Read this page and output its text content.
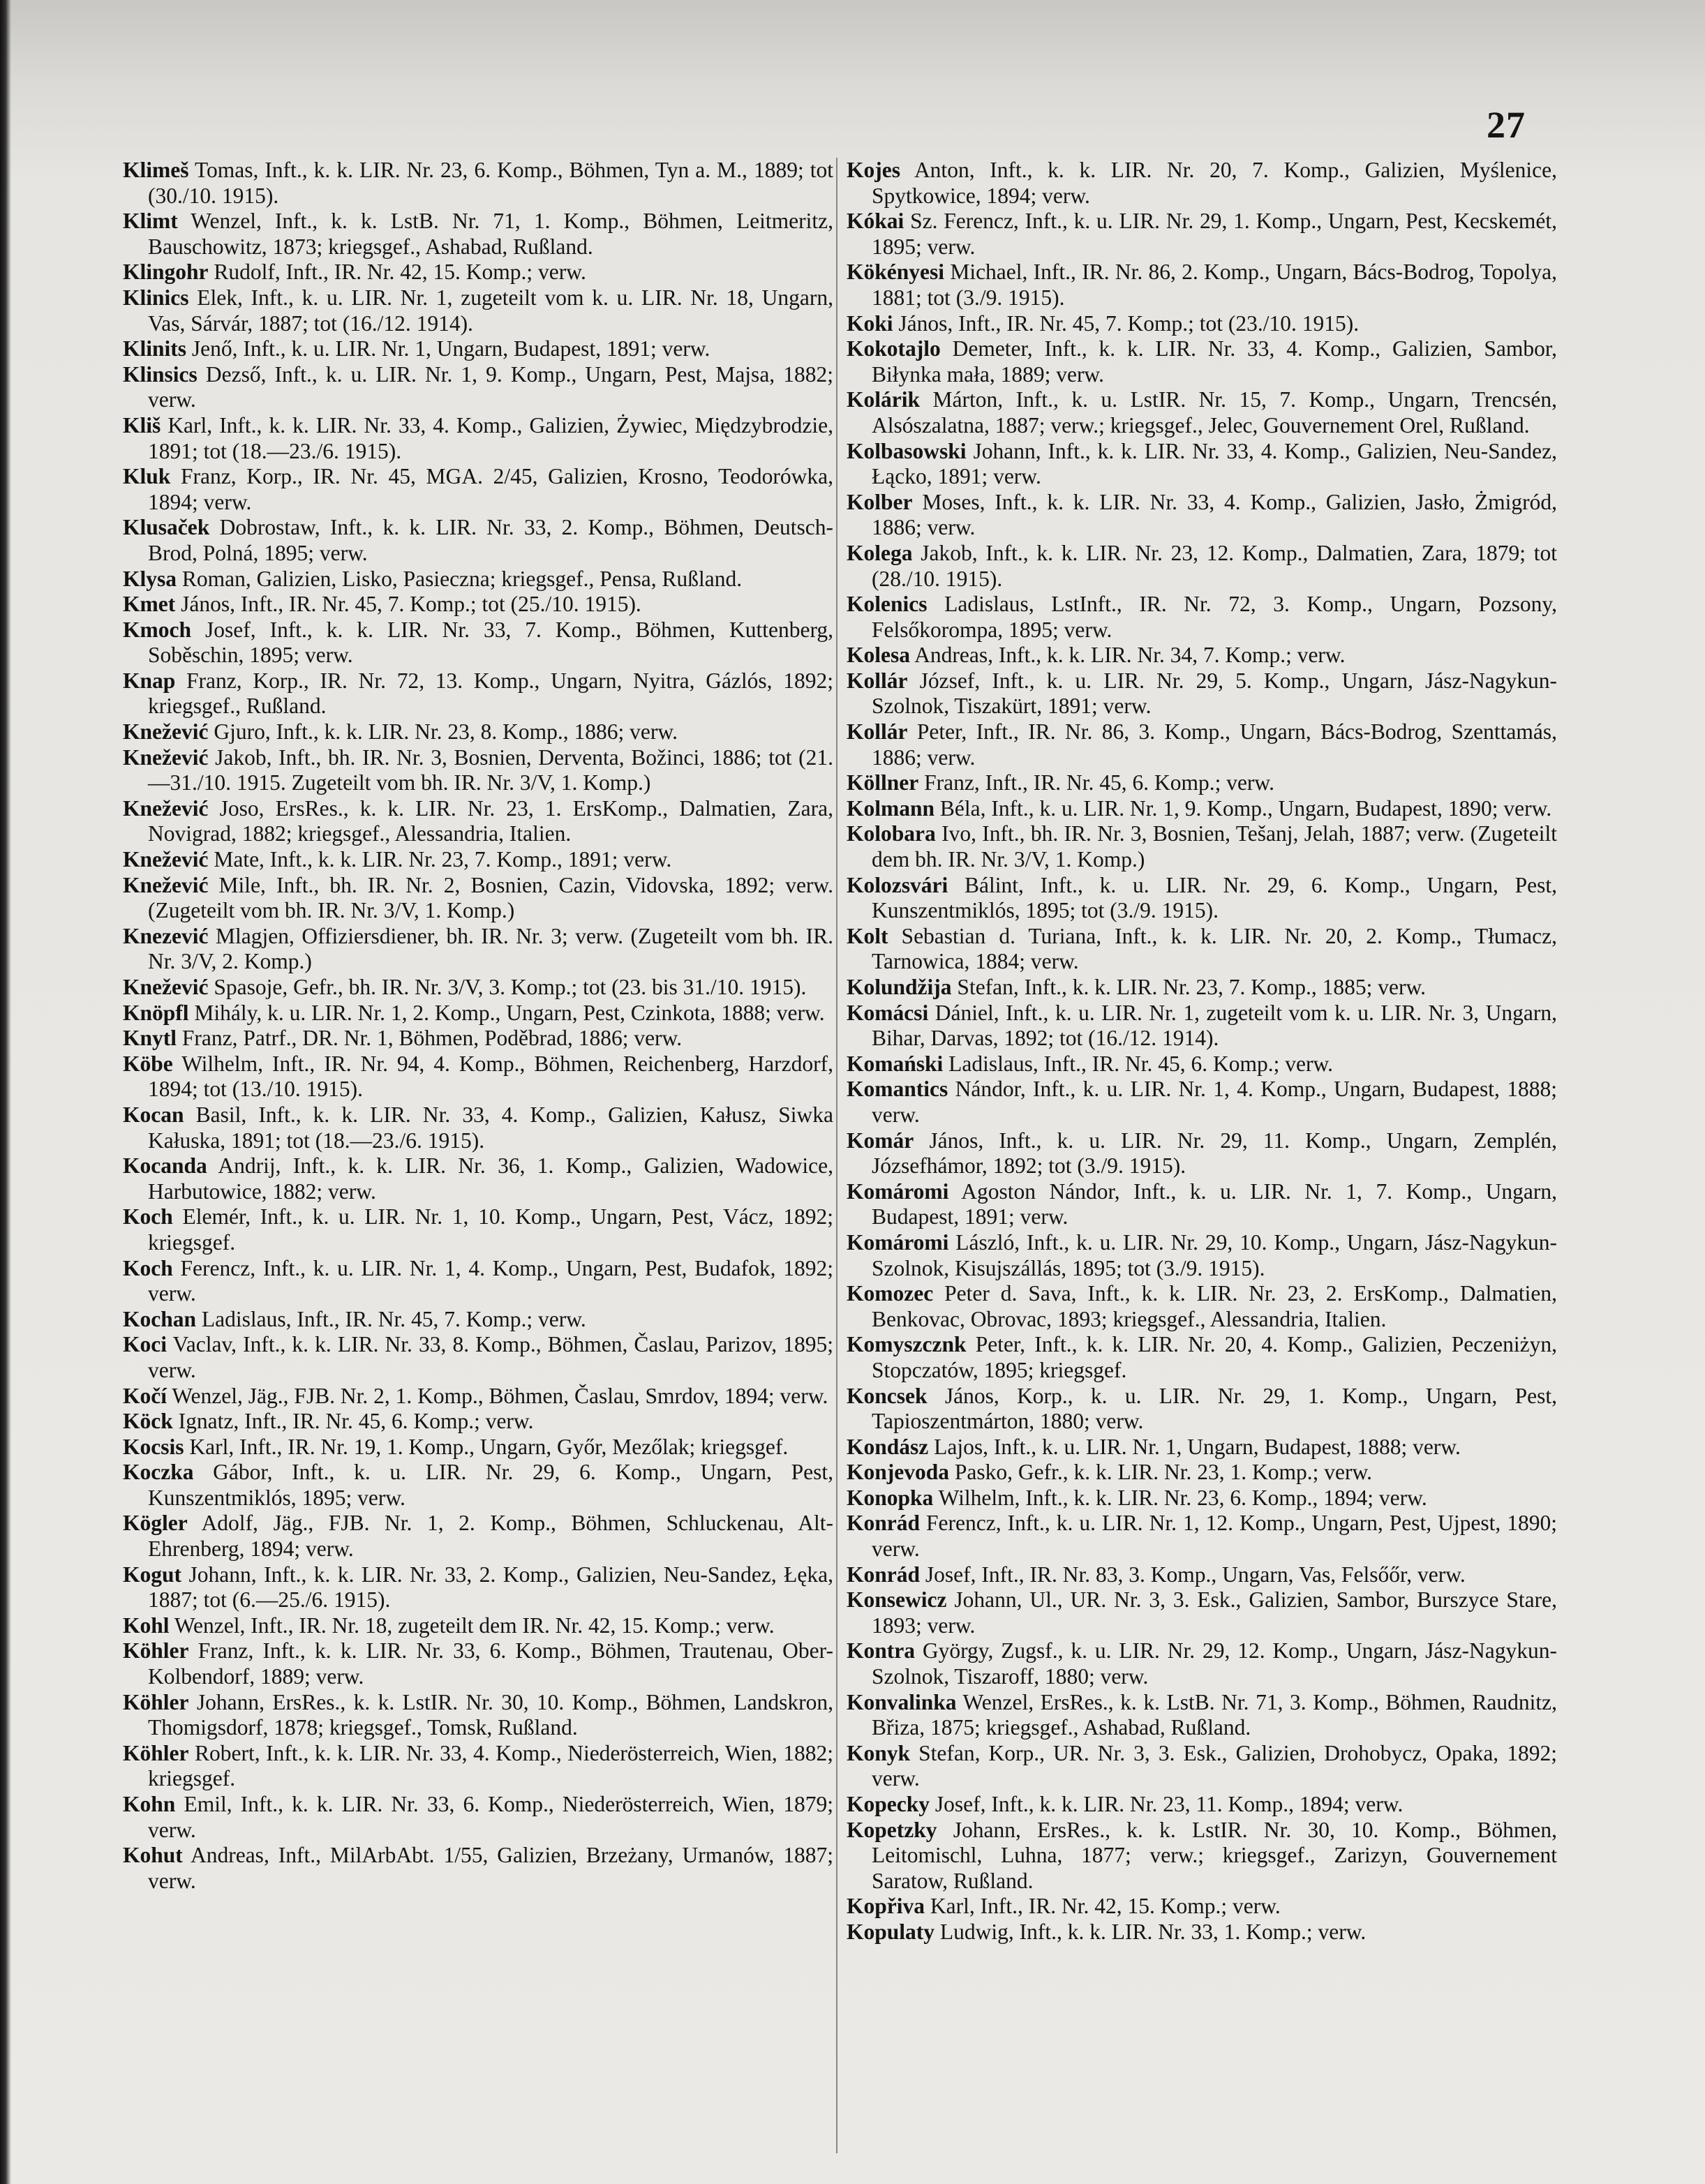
27

Klimeš Tomas, Inft., k. k. LIR. Nr. 23, 6. Komp., Böhmen, Tyn a. M., 1889; tot (30./10. 1915).

Klimt Wenzel, Inft., k. k. LstB. Nr. 71, 1. Komp., Böhmen, Leitmeritz, Bauschowitz, 1873; kriegsgef., Ashabad, Rußland.

Klingohr Rudolf, Inft., IR. Nr. 42, 15. Komp.; verw.

Klinics Elek, Inft., k. u. LIR. Nr. 1, zugeteilt vom k. u. LIR. Nr. 18, Ungarn, Vas, Sárvár, 1887; tot (16./12. 1914).

Klinits Jenő, Inft., k. u. LIR. Nr. 1, Ungarn, Budapest, 1891; verw.

Klinsics Dezső, Inft., k. u. LIR. Nr. 1, 9. Komp., Ungarn, Pest, Majsa, 1882; verw.

Kliš Karl, Inft., k. k. LIR. Nr. 33, 4. Komp., Galizien, Żywiec, Międzybrodzie, 1891; tot (18.—23./6. 1915).

Kluk Franz, Korp., IR. Nr. 45, MGA. 2/45, Galizien, Krosno, Teodorówka, 1894; verw.

Klusaček Dobrostaw, Inft., k. k. LIR. Nr. 33, 2. Komp., Böhmen, Deutsch-Brod, Polná, 1895; verw.

Klysa Roman, Galizien, Lisko, Pasieczna; kriegsgef., Pensa, Rußland.

Kmet János, Inft., IR. Nr. 45, 7. Komp.; tot (25./10. 1915).

Kmoch Josef, Inft., k. k. LIR. Nr. 33, 7. Komp., Böhmen, Kuttenberg, Soběschin, 1895; verw.

Knap Franz, Korp., IR. Nr. 72, 13. Komp., Ungarn, Nyitra, Gázlós, 1892; kriegsgef., Rußland.

Knežević Gjuro, Inft., k. k. LIR. Nr. 23, 8. Komp., 1886; verw.

Knežević Jakob, Inft., bh. IR. Nr. 3, Bosnien, Derventa, Božinci, 1886; tot (21.—31./10. 1915. Zugeteilt vom bh. IR. Nr. 3/V, 1. Komp.)

Knežević Joso, ErsRes., k. k. LIR. Nr. 23, 1. ErsKomp., Dalmatien, Zara, Novigrad, 1882; kriegsgef., Alessandria, Italien.

Knežević Mate, Inft., k. k. LIR. Nr. 23, 7. Komp., 1891; verw.

Knežević Mile, Inft., bh. IR. Nr. 2, Bosnien, Cazin, Vidovska, 1892; verw. (Zugeteilt vom bh. IR. Nr. 3/V, 1. Komp.)

Knezević Mlagjen, Offiziersdiener, bh. IR. Nr. 3; verw. (Zugeteilt vom bh. IR. Nr. 3/V, 2. Komp.)

Knežević Spasoje, Gefr., bh. IR. Nr. 3/V, 3. Komp.; tot (23. bis 31./10. 1915).

Knöpfl Mihály, k. u. LIR. Nr. 1, 2. Komp., Ungarn, Pest, Czinkota, 1888; verw.

Knytl Franz, Patrf., DR. Nr. 1, Böhmen, Poděbrad, 1886; verw.

Köbe Wilhelm, Inft., IR. Nr. 94, 4. Komp., Böhmen, Reichenberg, Harzdorf, 1894; tot (13./10. 1915).

Kocan Basil, Inft., k. k. LIR. Nr. 33, 4. Komp., Galizien, Kałusz, Siwka Kałuska, 1891; tot (18.—23./6. 1915).

Kocanda Andrij, Inft., k. k. LIR. Nr. 36, 1. Komp., Galizien, Wadowice, Harbutowice, 1882; verw.

Koch Elemér, Inft., k. u. LIR. Nr. 1, 10. Komp., Ungarn, Pest, Vácz, 1892; kriegsgef.

Koch Ferencz, Inft., k. u. LIR. Nr. 1, 4. Komp., Ungarn, Pest, Budafok, 1892; verw.

Kochan Ladislaus, Inft., IR. Nr. 45, 7. Komp.; verw.

Koci Vaclav, Inft., k. k. LIR. Nr. 33, 8. Komp., Böhmen, Časlau, Parizov, 1895; verw.

Kočí Wenzel, Jäg., FJB. Nr. 2, 1. Komp., Böhmen, Časlau, Smrdov, 1894; verw.

Köck Ignatz, Inft., IR. Nr. 45, 6. Komp.; verw.

Kocsis Karl, Inft., IR. Nr. 19, 1. Komp., Ungarn, Győr, Mezőlak; kriegsgef.

Koczka Gábor, Inft., k. u. LIR. Nr. 29, 6. Komp., Ungarn, Pest, Kunszentmiklós, 1895; verw.

Kögler Adolf, Jäg., FJB. Nr. 1, 2. Komp., Böhmen, Schluckenau, Alt-Ehrenberg, 1894; verw.

Kogut Johann, Inft., k. k. LIR. Nr. 33, 2. Komp., Galizien, Neu-Sandez, Łęka, 1887; tot (6.—25./6. 1915).

Kohl Wenzel, Inft., IR. Nr. 18, zugeteilt dem IR. Nr. 42, 15. Komp.; verw.

Köhler Franz, Inft., k. k. LIR. Nr. 33, 6. Komp., Böhmen, Trautenau, Ober-Kolbendorf, 1889; verw.

Köhler Johann, ErsRes., k. k. LstIR. Nr. 30, 10. Komp., Böhmen, Landskron, Thomigsdorf, 1878; kriegsgef., Tomsk, Rußland.

Köhler Robert, Inft., k. k. LIR. Nr. 33, 4. Komp., Niederösterreich, Wien, 1882; kriegsgef.

Kohn Emil, Inft., k. k. LIR. Nr. 33, 6. Komp., Niederösterreich, Wien, 1879; verw.

Kohut Andreas, Inft., MilArbAbt. 1/55, Galizien, Brzeżany, Urmanów, 1887; verw.

Kojes Anton, Inft., k. k. LIR. Nr. 20, 7. Komp., Galizien, Myślenice, Spytkowice, 1894; verw.

Kókai Sz. Ferencz, Inft., k. u. LIR. Nr. 29, 1. Komp., Ungarn, Pest, Kecskemét, 1895; verw.

Kökényesi Michael, Inft., IR. Nr. 86, 2. Komp., Ungarn, Bács-Bodrog, Topolya, 1881; tot (3./9. 1915).

Koki János, Inft., IR. Nr. 45, 7. Komp.; tot (23./10. 1915).

Kokotajlo Demeter, Inft., k. k. LIR. Nr. 33, 4. Komp., Galizien, Sambor, Biłynka mała, 1889; verw.

Kolárik Márton, Inft., k. u. LstIR. Nr. 15, 7. Komp., Ungarn, Trencsén, Alsószalatna, 1887; verw.; kriegsgef., Jelec, Gouvernement Orel, Rußland.

Kolbasowski Johann, Inft., k. k. LIR. Nr. 33, 4. Komp., Galizien, Neu-Sandez, Łącko, 1891; verw.

Kolber Moses, Inft., k. k. LIR. Nr. 33, 4. Komp., Galizien, Jasło, Żmigród, 1886; verw.

Kolega Jakob, Inft., k. k. LIR. Nr. 23, 12. Komp., Dalmatien, Zara, 1879; tot (28./10. 1915).

Kolenics Ladislaus, LstInft., IR. Nr. 72, 3. Komp., Ungarn, Pozsony, Felsőkorompa, 1895; verw.

Kolesa Andreas, Inft., k. k. LIR. Nr. 34, 7. Komp.; verw.

Kollár József, Inft., k. u. LIR. Nr. 29, 5. Komp., Ungarn, Jász-Nagykun-Szolnok, Tiszakürt, 1891; verw.

Kollár Peter, Inft., IR. Nr. 86, 3. Komp., Ungarn, Bács-Bodrog, Szenttamás, 1886; verw.

Köllner Franz, Inft., IR. Nr. 45, 6. Komp.; verw.

Kolmann Béla, Inft., k. u. LIR. Nr. 1, 9. Komp., Ungarn, Budapest, 1890; verw.

Kolobara Ivo, Inft., bh. IR. Nr. 3, Bosnien, Tešanj, Jelah, 1887; verw. (Zugeteilt dem bh. IR. Nr. 3/V, 1. Komp.)

Kolozsvári Bálint, Inft., k. u. LIR. Nr. 29, 6. Komp., Ungarn, Pest, Kunszentmiklós, 1895; tot (3./9. 1915).

Kolt Sebastian d. Turiana, Inft., k. k. LIR. Nr. 20, 2. Komp., Tłumacz, Tarnowica, 1884; verw.

Kolundžija Stefan, Inft., k. k. LIR. Nr. 23, 7. Komp., 1885; verw.

Komácsi Dániel, Inft., k. u. LIR. Nr. 1, zugeteilt vom k. u. LIR. Nr. 3, Ungarn, Bihar, Darvas, 1892; tot (16./12. 1914).

Komański Ladislaus, Inft., IR. Nr. 45, 6. Komp.; verw.

Komantics Nándor, Inft., k. u. LIR. Nr. 1, 4. Komp., Ungarn, Budapest, 1888; verw.

Komár János, Inft., k. u. LIR. Nr. 29, 11. Komp., Ungarn, Zemplén, Józsefhámor, 1892; tot (3./9. 1915).

Komáromi Agoston Nándor, Inft., k. u. LIR. Nr. 1, 7. Komp., Ungarn, Budapest, 1891; verw.

Komáromi László, Inft., k. u. LIR. Nr. 29, 10. Komp., Ungarn, Jász-Nagykun-Szolnok, Kisujszállás, 1895; tot (3./9. 1915).

Komozec Peter d. Sava, Inft., k. k. LIR. Nr. 23, 2. ErsKomp., Dalmatien, Benkovac, Obrovac, 1893; kriegsgef., Alessandria, Italien.

Komyszcznk Peter, Inft., k. k. LIR. Nr. 20, 4. Komp., Galizien, Peczeniżyn, Stopczatów, 1895; kriegsgef.

Koncsek János, Korp., k. u. LIR. Nr. 29, 1. Komp., Ungarn, Pest, Tapioszentmárton, 1880; verw.

Kondász Lajos, Inft., k. u. LIR. Nr. 1, Ungarn, Budapest, 1888; verw.

Konjevoda Pasko, Gefr., k. k. LIR. Nr. 23, 1. Komp.; verw.

Konopka Wilhelm, Inft., k. k. LIR. Nr. 23, 6. Komp., 1894; verw.

Konrád Ferencz, Inft., k. u. LIR. Nr. 1, 12. Komp., Ungarn, Pest, Ujpest, 1890; verw.

Konrád Josef, Inft., IR. Nr. 83, 3. Komp., Ungarn, Vas, Felsőőr, verw.

Konsewicz Johann, Ul., UR. Nr. 3, 3. Esk., Galizien, Sambor, Burszyce Stare, 1893; verw.

Kontra György, Zugsf., k. u. LIR. Nr. 29, 12. Komp., Ungarn, Jász-Nagykun-Szolnok, Tiszaroff, 1880; verw.

Konvalinka Wenzel, ErsRes., k. k. LstB. Nr. 71, 3. Komp., Böhmen, Raudnitz, Břiza, 1875; kriegsgef., Ashabad, Rußland.

Konyk Stefan, Korp., UR. Nr. 3, 3. Esk., Galizien, Drohobycz, Opaka, 1892; verw.

Kopecky Josef, Inft., k. k. LIR. Nr. 23, 11. Komp., 1894; verw.

Kopetzky Johann, ErsRes., k. k. LstIR. Nr. 30, 10. Komp., Böhmen, Leitomischl, Luhna, 1877; verw.; kriegsgef., Zarizyn, Gouvernement Saratow, Rußland.

Kopřiva Karl, Inft., IR. Nr. 42, 15. Komp.; verw.

Kopulaty Ludwig, Inft., k. k. LIR. Nr. 33, 1. Komp.; verw.
